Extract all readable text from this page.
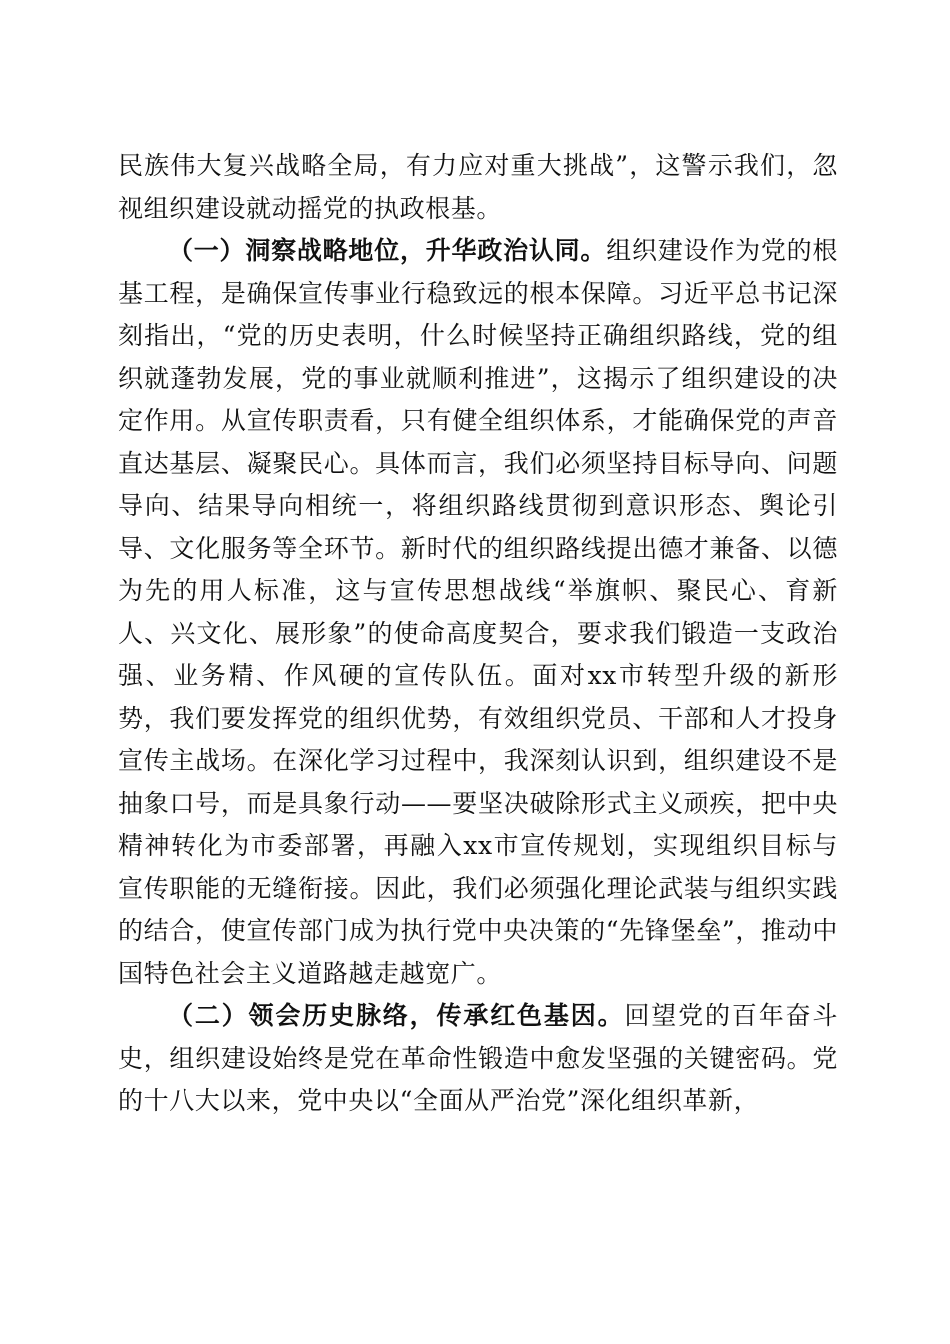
民族伟大复兴战略全局，有力应对重大挑战”，这警示我们，忽视组织建设就动摇党的执政根基。

（一）洞察战略地位，升华政治认同。组织建设作为党的根基工程，是确保宣传事业行稳致远的根本保障。习近平总书记深刻指出，“党的历史表明，什么时候坚持正确组织路线，党的组织就蓬勃发展，党的事业就顺利推进”，这揭示了组织建设的决定作用。从宣传职责看，只有健全组织体系，才能确保党的声音直达基层、凝聚民心。具体而言，我们必须坚持目标导向、问题导向、结果导向相统一，将组织路线贯彻到意识形态、舆论引导、文化服务等全环节。新时代的组织路线提出德才兼备、以德为先的用人标准，这与宣传思想战线“举旗帜、聚民心、育新人、兴文化、展形象”的使命高度契合，要求我们锻造一支政治强、业务精、作风硬的宣传队伍。面对xx市转型升级的新形势，我们要发挥党的组织优势，有效组织党员、干部和人才投身宣传主战场。在深化学习过程中，我深刻认识到，组织建设不是抽象口号，而是具象行动——要坚决破除形式主义顽疾，把中央精神转化为市委部署，再融入xx市宣传规划，实现组织目标与宣传职能的无缝衔接。因此，我们必须强化理论武装与组织实践的结合，使宣传部门成为执行党中央决策的“先锋堡垒”，推动中国特色社会主义道路越走越宽广。

（二）领会历史脉络，传承红色基因。回望党的百年奋斗史，组织建设始终是党在革命性锻造中愈发坚强的关键密码。党的十八大以来，党中央以“全面从严治党”深化组织革新，
